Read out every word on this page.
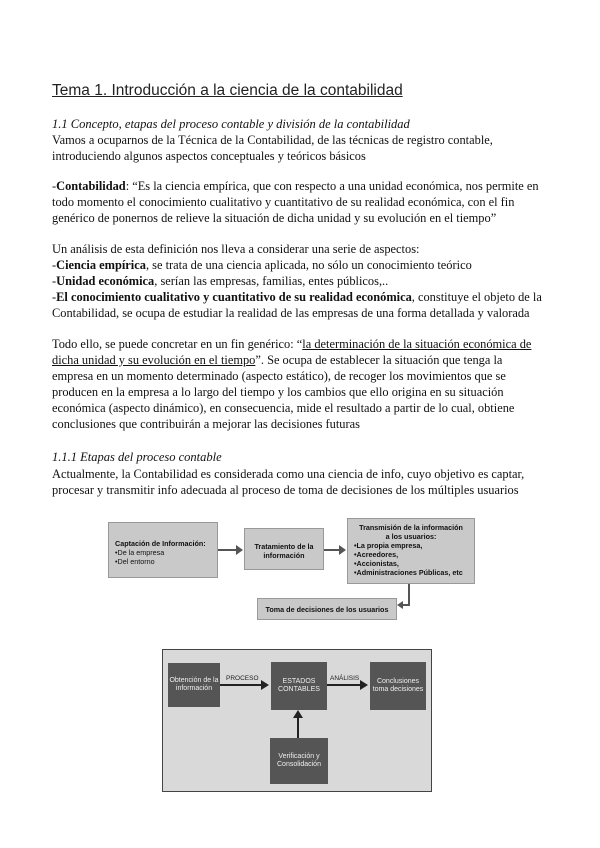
Tema 1. Introducción a la ciencia de la contabilidad
1.1 Concepto, etapas del proceso contable y división de la contabilidad
Vamos a ocuparnos de la Técnica de la Contabilidad, de las técnicas de registro contable,
introduciendo algunos aspectos conceptuales y teóricos básicos
-Contabilidad: “Es la ciencia empírica, que con respecto a una unidad económica, nos permite en
todo momento el conocimiento cualitativo y cuantitativo de su realidad económica, con el fin
genérico de ponernos de relieve la situación de dicha unidad y su evolución en el tiempo”
Un análisis de esta definición nos lleva a considerar una serie de aspectos:
-Ciencia empírica, se trata de una ciencia aplicada, no sólo un conocimiento teórico
-Unidad económica, serían las empresas, familias, entes públicos,..
-El conocimiento cualitativo y cuantitativo de su realidad económica, constituye el objeto de la
Contabilidad, se ocupa de estudiar la realidad de las empresas de una forma detallada y valorada
Todo ello, se puede concretar en un fin genérico: “la determinación de la situación económica de
dicha unidad y su evolución en el tiempo”. Se ocupa de establecer la situación que tenga la
empresa en un momento determinado (aspecto estático), de recoger los movimientos que se
producen en la empresa a lo largo del tiempo y los cambios que ello origina en su situación
económica (aspecto dinámico), en consecuencia, mide el resultado a partir de lo cual, obtiene
conclusiones que contribuirán a mejorar las decisiones futuras
1.1.1 Etapas del proceso contable
Actualmente, la Contabilidad es considerada como una ciencia de info, cuyo objetivo es captar,
procesar y transmitir info adecuada al proceso de toma de decisiones de los múltiples usuarios
Captación de Información:
•De la empresa
•Del entorno
Tratamiento de la
información
Transmisión de la información
a los usuarios:
•La propia empresa,
•Acreedores,
•Accionistas,
•Administraciones Públicas, etc
Toma de decisiones de los usuarios
Obtención de la información
PROCESO	ESTADOS CONTABLES
ANÁLISIS	Conclusiones toma decisiones
Verificación y Consolidación
